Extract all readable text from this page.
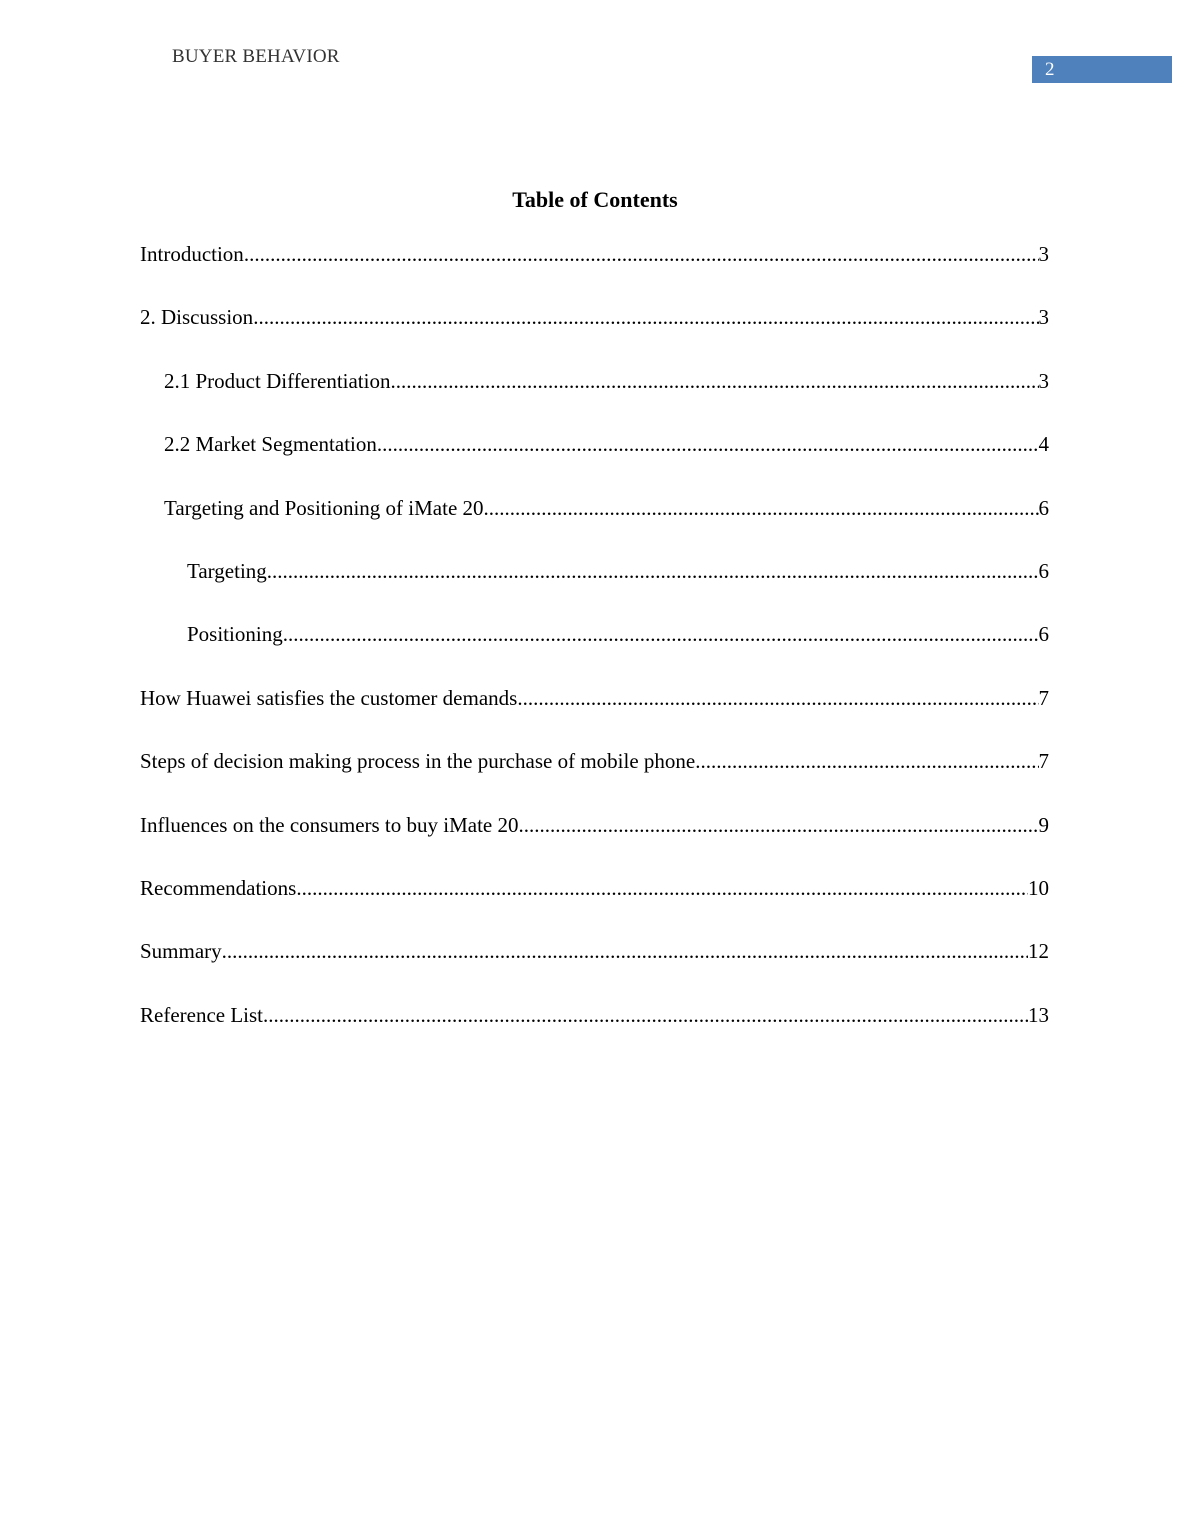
BUYER BEHAVIOR
2
Table of Contents
Introduction .....	3
2. Discussion .....	3
2.1 Product Differentiation .....	3
2.2 Market Segmentation .....	4
Targeting and Positioning of iMate 20 .....	6
Targeting .....	6
Positioning .....	6
How Huawei satisfies the customer demands .....	7
Steps of decision making process in the purchase of mobile phone .....	7
Influences on the consumers to buy iMate 20 .....	9
Recommendations .....	10
Summary .....	12
Reference List .....	13
